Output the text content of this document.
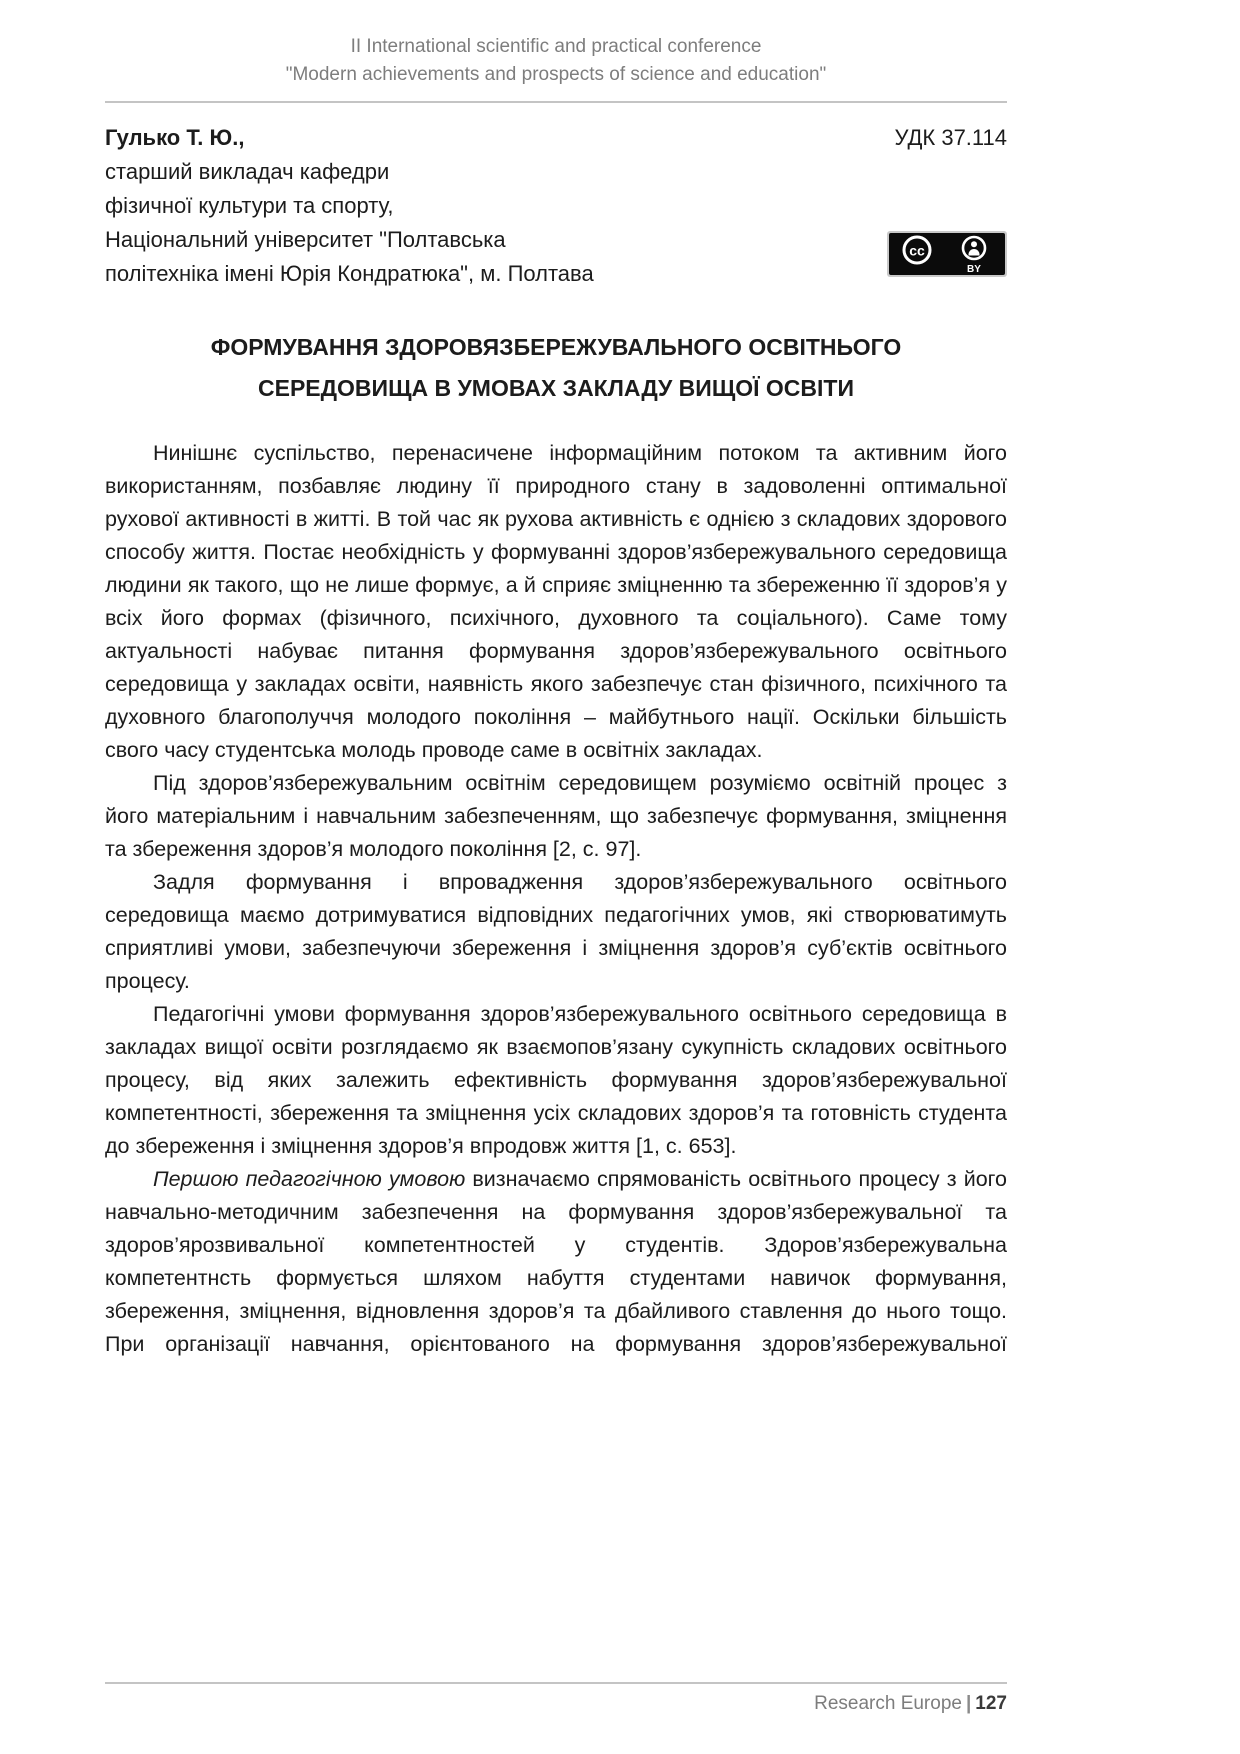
II International scientific and practical conference
"Modern achievements and prospects of science and education"
Гулько Т. Ю.,
старший викладач кафедри
фізичної культури та спорту,
Національний університет "Полтавська
політехніка імені Юрія Кондратюка", м. Полтава
УДК 37.114
cc
BY
ФОРМУВАННЯ ЗДОРОВЯЗБЕРЕЖУВАЛЬНОГО ОСВІТНЬОГО
СЕРЕДОВИЩА В УМОВАХ ЗАКЛАДУ ВИЩОЇ ОСВІТИ

Нинішнє суспільство, перенасичене інформаційним потоком та активним його використанням, позбавляє людину її природного стану в задоволенні оптимальної рухової активності в житті. В той час як рухова активність є однією з складових здорового способу життя. Постає необхідність у формуванні здоров’язбережувального середовища людини як такого, що не лише формує, а й сприяє зміцненню та збереженню її здоров’я у всіх його формах (фізичного, психічного, духовного та соціального). Саме тому актуальності набуває питання формування здоров’язбережувального освітнього середовища у закладах освіти, наявність якого забезпечує стан фізичного, психічного та духовного благополуччя молодого покоління – майбутнього нації. Оскільки більшість свого часу студентська молодь проводе саме в освітніх закладах.

Під здоров’язбережувальним освітнім середовищем розуміємо освітній процес з його матеріальним і навчальним забезпеченням, що забезпечує формування, зміцнення та збереження здоров’я молодого покоління [2, с. 97].

Задля формування і впровадження здоров’язбережувального освітнього середовища маємо дотримуватися відповідних педагогічних умов, які створюватимуть сприятливі умови, забезпечуючи збереження і зміцнення здоров’я суб’єктів освітнього процесу.

Педагогічні умови формування здоров’язбережувального освітнього середовища в закладах вищої освіти розглядаємо як взаємопов’язану сукупність складових освітнього процесу, від яких залежить ефективність формування здоров’язбережувальної компетентності, збереження та зміцнення усіх складових здоров’я та готовність студента до збереження і зміцнення здоров’я впродовж життя [1, с. 653].

Першою педагогічною умовою визначаємо спрямованість освітнього процесу з його навчально-методичним забезпечення на формування здоров’язбережувальної та здоров’ярозвивальної компетентностей у студентів. Здоров’язбережувальна компетентнсть формується шляхом набуття студентами навичок формування, збереження, зміцнення, відновлення здоров’я та дбайливого ставлення до нього тощо. При організації навчання, орієнтованого на формування здоров’язбережувальної

Research Europe | 127
